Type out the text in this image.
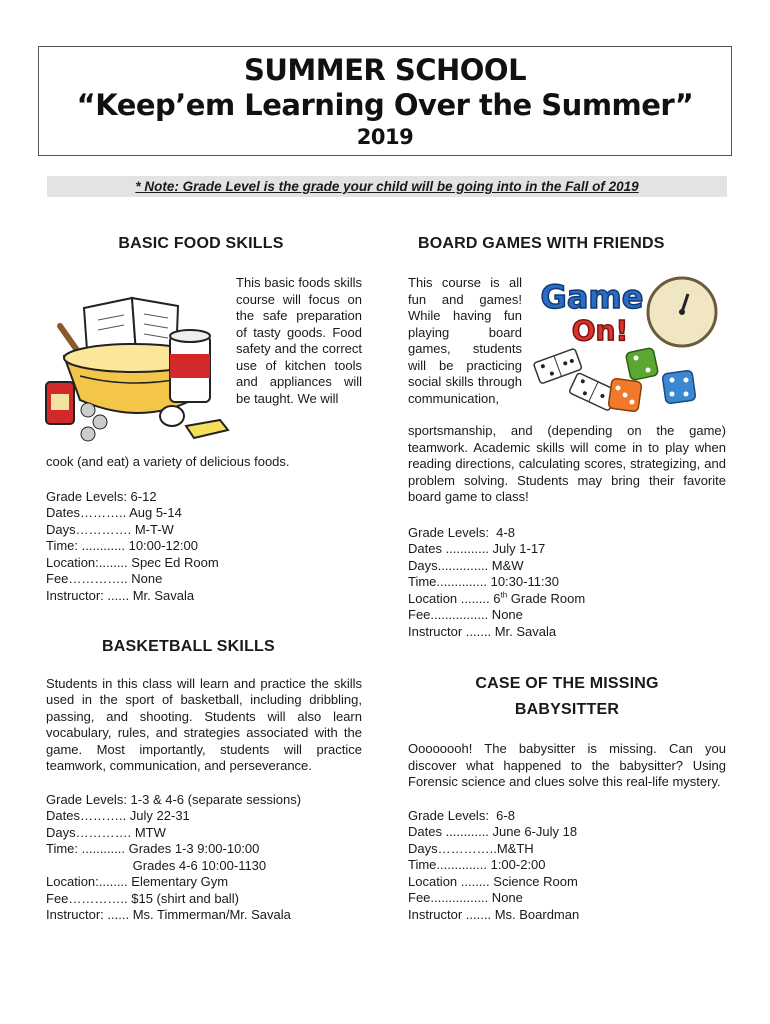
SUMMER SCHOOL
“Keep’em Learning Over the Summer”
2019
* Note: Grade Level is the grade your child will be going into in the Fall of 2019
BASIC FOOD SKILLS
This basic foods skills course will focus on the safe preparation of tasty goods. Food safety and the correct use of kitchen tools and appliances will be taught. We will
cook (and eat) a variety of delicious foods.
Grade Levels: 6-12
Dates……….. Aug 5-14
Days…………. M-T-W
Time: ............ 10:00-12:00
Location:........ Spec Ed Room
Fee………….. None
Instructor: ...... Mr. Savala
BOARD GAMES WITH FRIENDS
This course is all fun and games! While having fun playing board games, students will be practicing social skills through communication,
Game
On!
sportsmanship, and (depending on the game) teamwork. Academic skills will come in to play when reading directions, calculating scores, strategizing, and problem solving. Students may bring their favorite board game to class!
Grade Levels:  4-8
Dates ............ July 1-17
Days.............. M&W
Time.............. 10:30-11:30
Location ........ 6th Grade Room
Fee................ None
Instructor ....... Mr. Savala
BASKETBALL SKILLS
Students in this class will learn and practice the skills used in the sport of basketball, including dribbling, passing, and shooting. Students will also learn vocabulary, rules, and strategies associated with the game. Most importantly, students will practice teamwork, communication, and perseverance.
Grade Levels: 1-3 & 4-6 (separate sessions)
Dates……….. July 22-31
Days…………. MTW
Time: ............ Grades 1-3 9:00-10:00
Grades 4-6 10:00-1130
Location:........ Elementary Gym
Fee………….. $15 (shirt and ball)
Instructor: ...... Ms. Timmerman/Mr. Savala
CASE OF THE MISSING
BABYSITTER
Oooooooh! The babysitter is missing. Can you discover what happened to the babysitter? Using Forensic science and clues solve this real-life mystery.
Grade Levels:  6-8
Dates ............ June 6-July 18
Days…………..M&TH
Time.............. 1:00-2:00
Location ........ Science Room
Fee................ None
Instructor ....... Ms. Boardman
